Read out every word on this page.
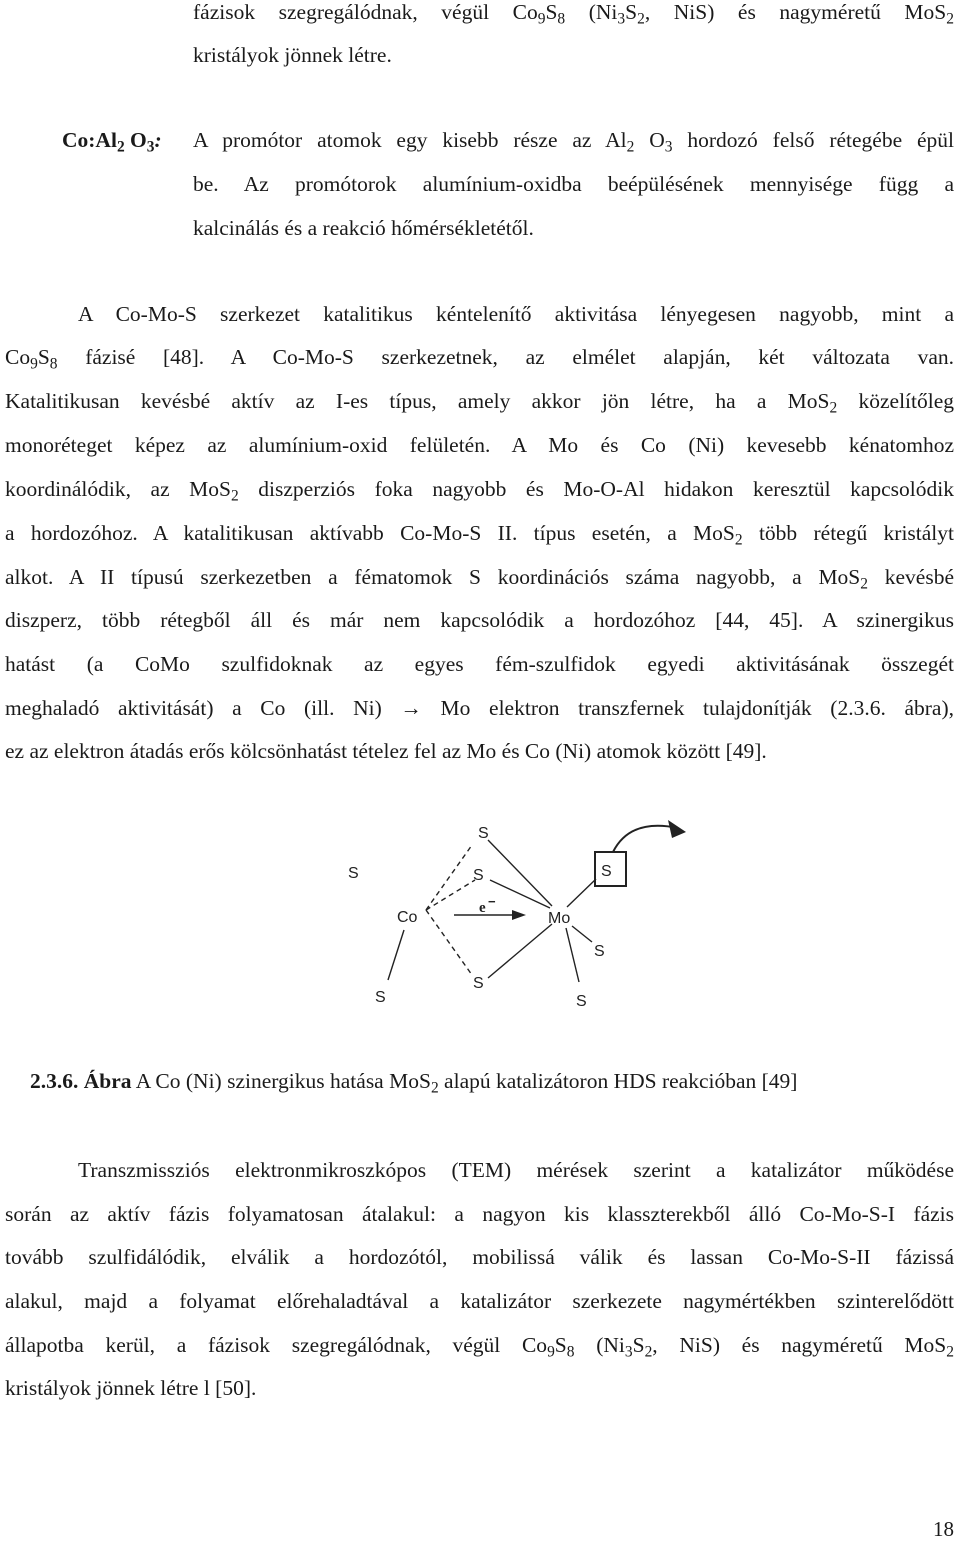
fázisok szegregálódnak, végül $Co_9S_8$ ($Ni_3S_2$, NiS) és nagyméretű MoS$_2$
kristályok jönnek létre.
$Co:Al_2$ $O_3$: A promótor atomok egy kisebb része az $Al_2$ $O_3$ hordozó felső rétegébe épül
be. Az promótorok alumínium-oxidba beépülésének mennyisége függ a
kalcinálás és a reakció hőmérsékletétől.
A Co-Mo-S szerkezet katalitikus kéntelenítő aktivitása lényegesen nagyobb, mint a
$Co_9S_8$ fázisé [48]. A Co-Mo-S szerkezetnek, az elmélet alapján, két változata van.
Katalitikusan kevésbé aktív az I-es típus, amely akkor jön létre, ha a MoS$_2$ közelítőleg
monoréteget képez az alumínium-oxid felületén. A Mo és Co (Ni) kevesebb kénatomhoz
koordinálódik, az MoS$_2$ diszperziós foka nagyobb és Mo-O-Al hidakon keresztül kapcsolódik
a hordozóhoz. A katalitikusan aktívabb Co-Mo-S II. típus esetén, a MoS$_2$ több rétegű kristályt
alkot. A II típusú szerkezetben a fématomok S koordinációs száma nagyobb, a MoS$_2$ kevésbé
diszperz, több rétegből áll és már nem kapcsolódik a hordozóhoz [44, 45]. A szinergikus
hatást (a CoMo szulfidoknak az egyes fém-szulfidok egyedi aktivitásának összegét
meghaladó aktivitását) a Co (ill. Ni) → Mo elektron transzfernek tulajdonítják (2.3.6. ábra),
ez az elektron átadás erős kölcsönhatást tételez fel az Mo és Co (Ni) atomok között [49].
S
S	S	S
Co	Mo
S
S
S	S
e −
2.3.6. Ábra A Co (Ni) szinergikus hatása MoS$_2$ alapú katalizátoron HDS reakcióban [49]
Transzmissziós elektronmikroszkópos (TEM) mérések szerint a katalizátor működése
során az aktív fázis folyamatosan átalakul: a nagyon kis klasszterekből álló Co-Mo-S-I fázis
tovább szulfidálódik, elválik a hordozótól, mobilissá válik és lassan Co-Mo-S-II fázissá
alakul, majd a folyamat előrehaladtával a katalizátor szerkezete nagymértékben szinterelődött
állapotba kerül, a fázisok szegregálódnak, végül $Co_9S_8$ ($Ni_3S_2$, NiS) és nagyméretű MoS$_2$
kristályok jönnek létre l [50].
18
